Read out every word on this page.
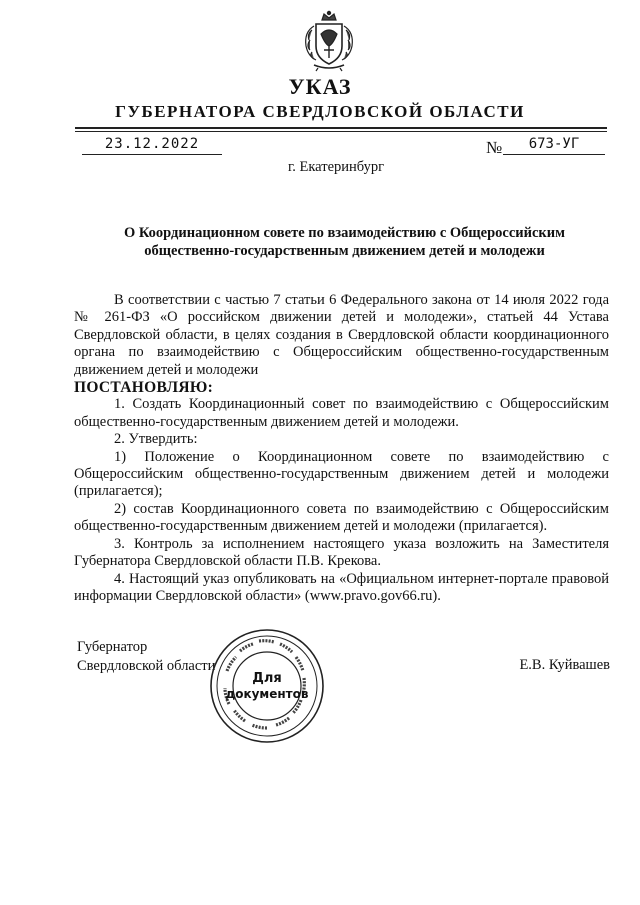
УКАЗ
ГУБЕРНАТОРА СВЕРДЛОВСКОЙ ОБЛАСТИ
23.12.2022	№	673-УГ
г. Екатеринбург
О Координационном совете по взаимодействию с Общероссийским общественно-государственным движением детей и молодежи

В соответствии с частью 7 статьи 6 Федерального закона от 14 июля 2022 года № 261-ФЗ «О российском движении детей и молодежи», статьей 44 Устава Свердловской области, в целях создания в Свердловской области координационного органа по взаимодействию с Общероссийским общественно-государственным движением детей и молодежи

ПОСТАНОВЛЯЮ:

1. Создать Координационный совет по взаимодействию с Общероссийским общественно-государственным движением детей и молодежи.

2. Утвердить:

1) Положение о Координационном совете по взаимодействию с Общероссийским общественно-государственным движением детей и молодежи (прилагается);

2) состав Координационного совета по взаимодействию с Общероссийским общественно-государственным движением детей и молодежи (прилагается).

3. Контроль за исполнением настоящего указа возложить на Заместителя Губернатора Свердловской области П.В. Крекова.

4. Настоящий указ опубликовать на «Официальном интернет-портале правовой информации Свердловской области» (www.pravo.gov66.ru).

Губернатор
Свердловской области	Е.В. Куйвашев
Для
документов
